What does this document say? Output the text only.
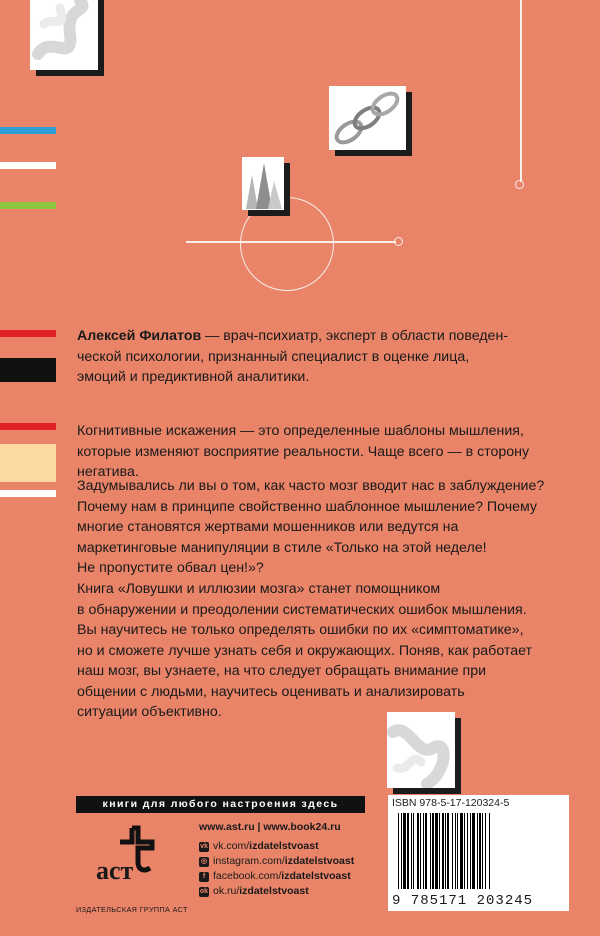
Алексей Филатов — врач-психиатр, эксперт в области поведен-
ческой психологии, признанный специалист в оценке лица,
эмоций и предиктивной аналитики.

Когнитивные искажения — это определенные шаблоны мышления,
которые изменяют восприятие реальности. Чаще всего — в сторону
негатива.

Задумывались ли вы о том, как часто мозг вводит нас в заблуждение?
Почему нам в принципе свойственно шаблонное мышление? Почему
многие становятся жертвами мошенников или ведутся на
маркетинговые манипуляции в стиле «Только на этой неделе!
Не пропустите обвал цен!»?

Книга «Ловушки и иллюзии мозга» станет помощником
в обнаружении и преодолении систематических ошибок мышления.
Вы научитесь не только определять ошибки по их «симптоматике»,
но и сможете лучше узнать себя и окружающих. Поняв, как работает
наш мозг, вы узнаете, на что следует обращать внимание при
общении с людьми, научитесь оценивать и анализировать
ситуации объективно.

книги для любого настроения здесь
аст
ИЗДАТЕЛЬСКАЯ ГРУППА АСТ
www.ast.ru | www.book24.ru
vk vk.com/ izdatelstvoast
◎ instagram.com/ izdatelstvoast
f facebook.com/ izdatelstvoast
ok ok.ru/ izdatelstvoast
ISBN 978-5-17-120324-5
9 785171 203245
